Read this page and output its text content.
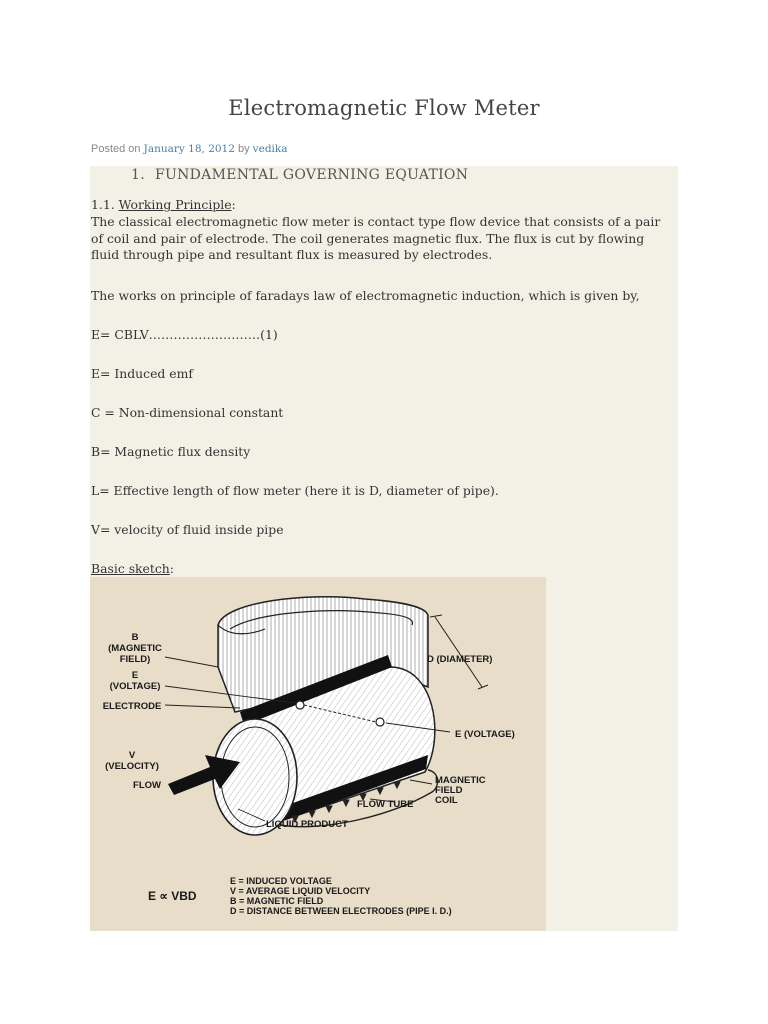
Electromagnetic Flow Meter
Posted on January 18, 2012 by vedika
1. FUNDAMENTAL GOVERNING EQUATION
1.1. Working Principle:
The classical electromagnetic flow meter is contact type flow device that consists of a pair of coil and pair of electrode. The coil generates magnetic flux. The flux is cut by flowing fluid through pipe and resultant flux is measured by electrodes.
The works on principle of faradays law of electromagnetic induction, which is given by,
E= CBLV………………………(1)
E= Induced emf
C = Non-dimensional constant
B= Magnetic flux density
L= Effective length of flow meter (here it is D, diameter of pipe).
V= velocity of fluid inside pipe
Basic sketch:
B
(MAGNETIC
FIELD)
E
(VOLTAGE)
ELECTRODE
V
(VELOCITY)
FLOW
D (DIAMETER)
E (VOLTAGE)
MAGNETIC
FIELD
COIL
FLOW TUBE
LIQUID PRODUCT
E ∝ VBD
E = INDUCED VOLTAGE
V = AVERAGE LIQUID VELOCITY
B = MAGNETIC FIELD
D = DISTANCE BETWEEN ELECTRODES (PIPE I. D.)
